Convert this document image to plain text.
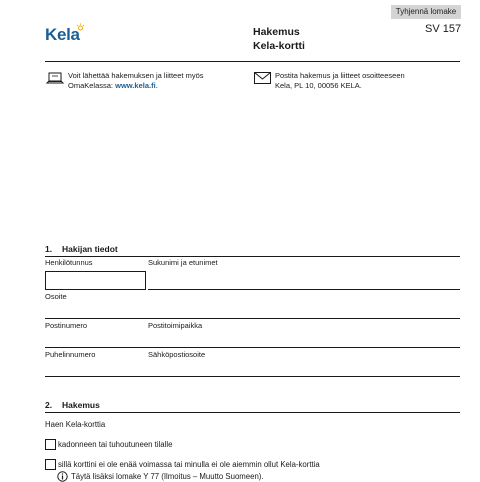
Tyhjennä lomake
SV 157
Kela	Hakemus
Kela-kortti
Voit lähettää hakemuksen ja liitteet myös
OmaKelassa: www.kela.fi.
Postita hakemus ja liitteet osoitteeseen
Kela, PL 10, 00056 KELA.
1. Hakijan tiedot
Henkilötunnus	Sukunimi ja etunimet
Osoite
Postinumero	Postitoimipaikka
Puhelinnumero	Sähköpostiosoite
2. Hakemus
Haen Kela-korttia
kadonneen tai tuhoutuneen tilalle
sillä korttini ei ole enää voimassa tai minulla ei ole aiemmin ollut Kela-korttia
Täytä lisäksi lomake Y 77 (Ilmoitus – Muutto Suomeen).
